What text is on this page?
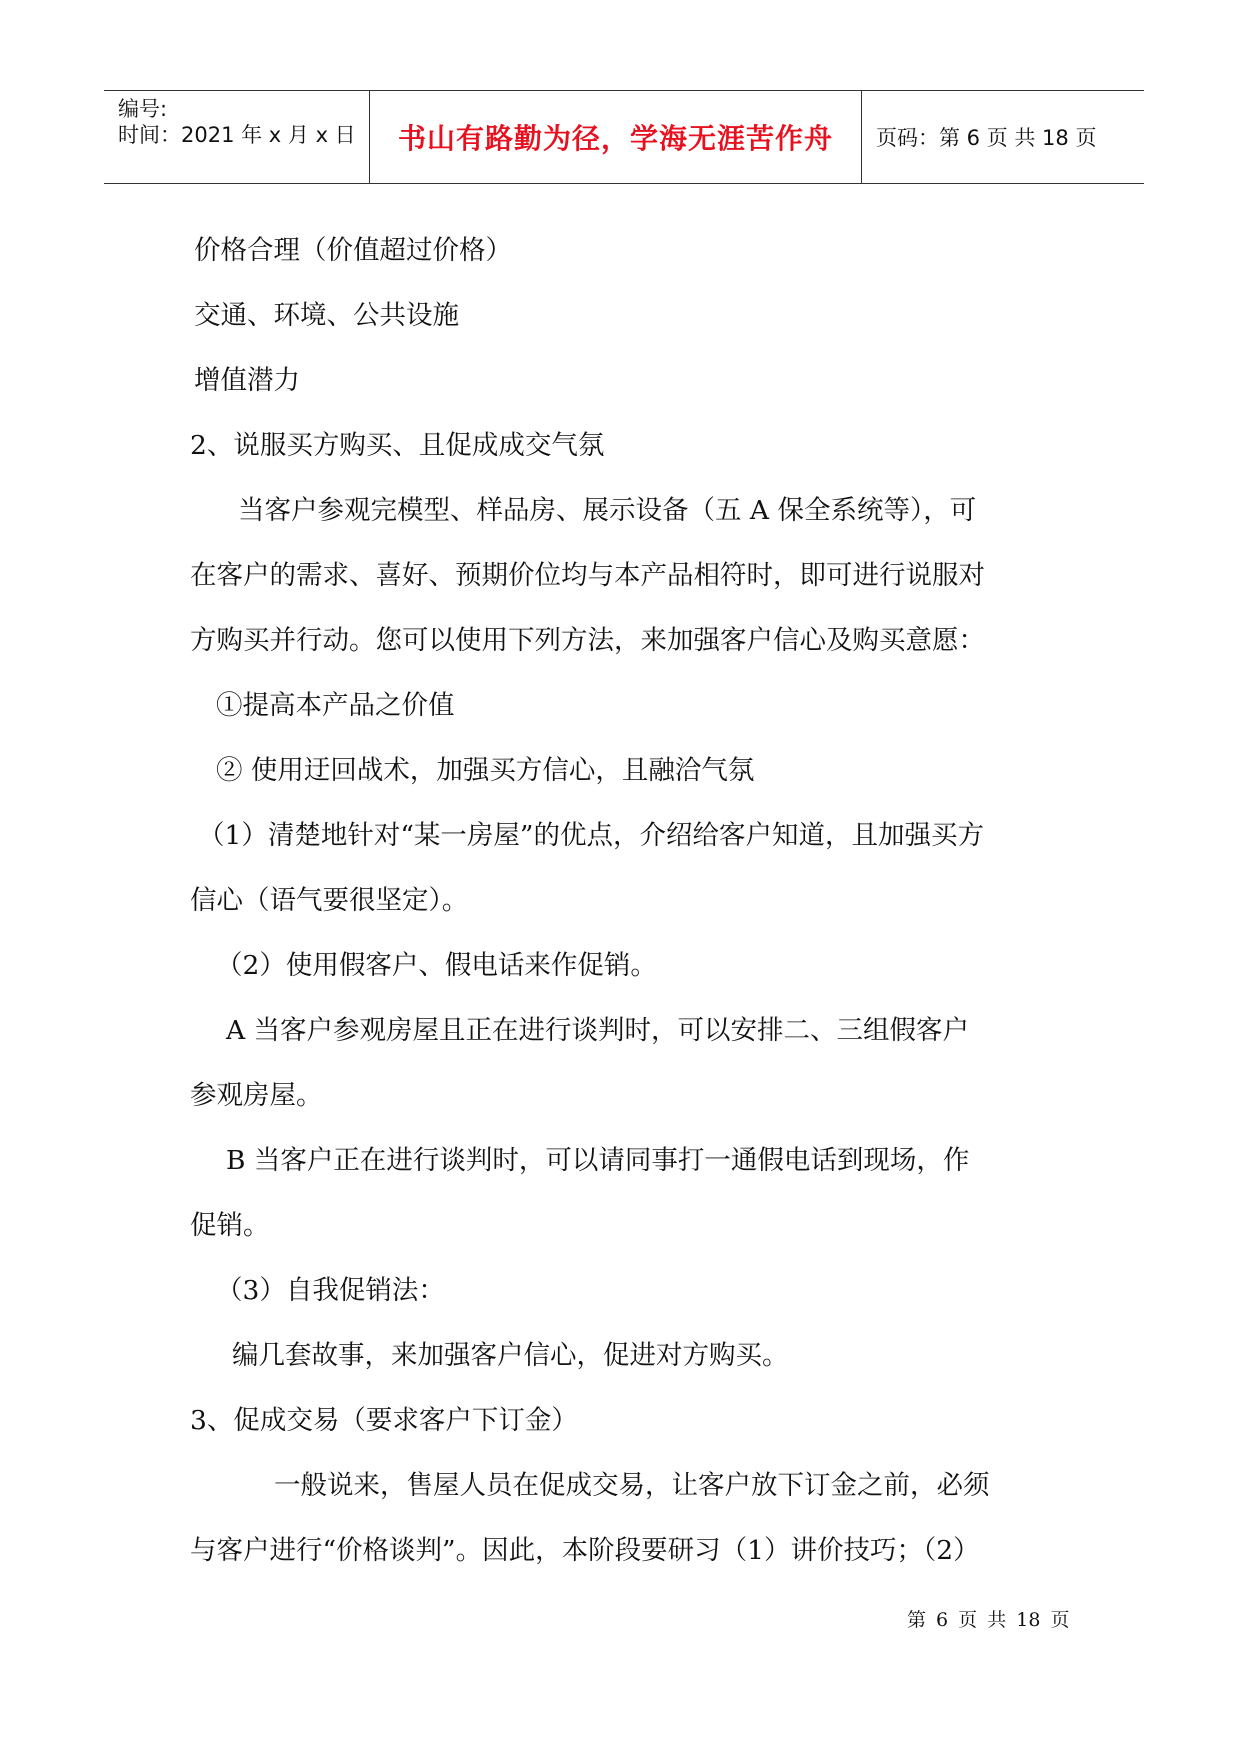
编号:
时间：2021 年 x 月 x 日	书山有路勤为径，学海无涯苦作舟	页码：第 6 页 共 18 页
价格合理（价值超过价格）
交通、环境、公共设施
增值潜力
2、说服买方购买、且促成成交气氛
当客户参观完模型、样品房、展示设备（五 A 保全系统等），可
在客户的需求、喜好、预期价位均与本产品相符时，即可进行说服对
方购买并行动。您可以使用下列方法，来加强客户信心及购买意愿：
①提高本产品之价值
② 使用迂回战术，加强买方信心，且融洽气氛
（1）清楚地针对“某一房屋”的优点，介绍给客户知道，且加强买方
信心（语气要很坚定）。
（2）使用假客户、假电话来作促销。
A 当客户参观房屋且正在进行谈判时，可以安排二、三组假客户
参观房屋。
B 当客户正在进行谈判时，可以请同事打一通假电话到现场，作
促销。
（3）自我促销法：
编几套故事，来加强客户信心，促进对方购买。
3、促成交易（要求客户下订金）
一般说来，售屋人员在促成交易，让客户放下订金之前，必须
与客户进行“价格谈判”。因此，本阶段要研习（1）讲价技巧；（2）
第 6 页 共 18 页
